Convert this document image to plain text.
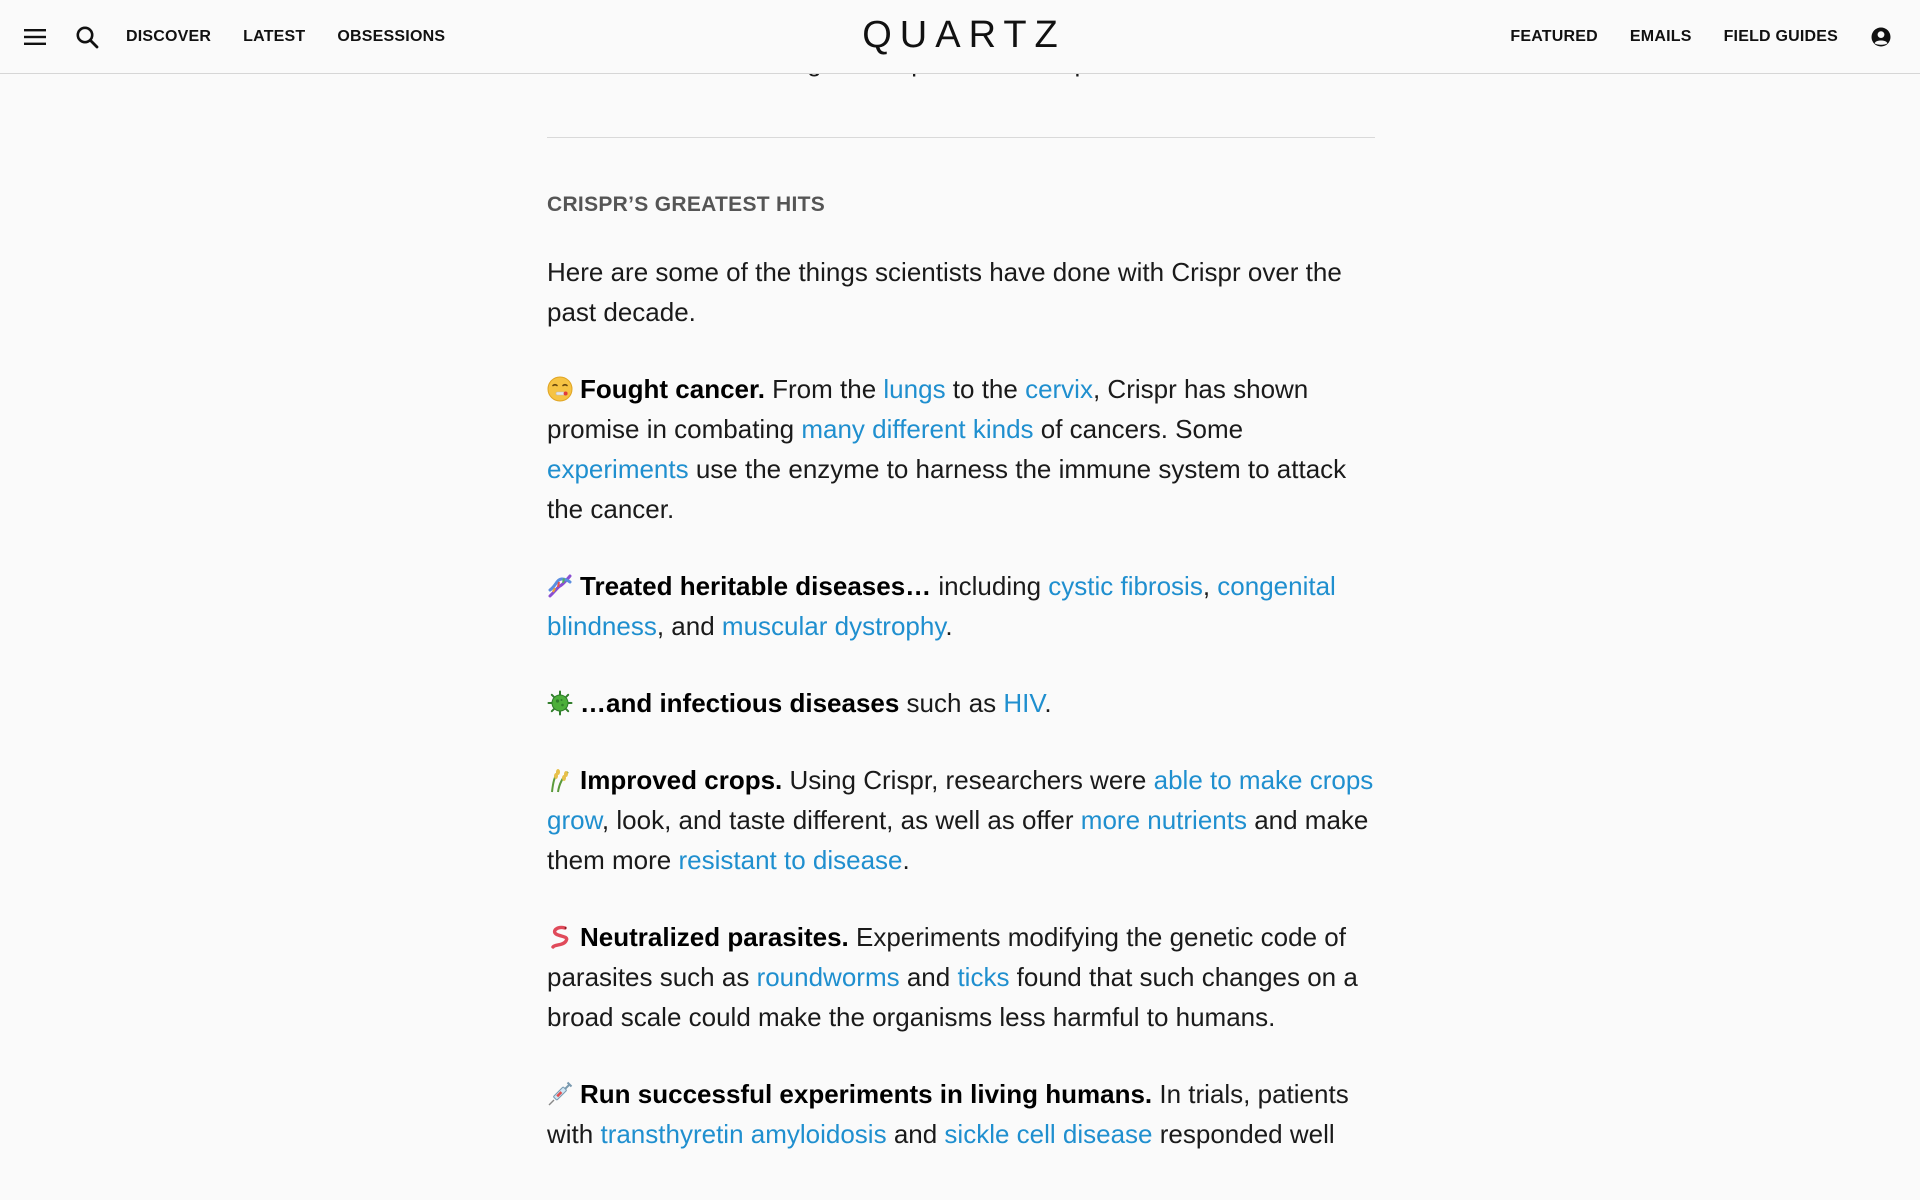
DISCOVER LATEST OBSESSIONS	QUARTZ	FEATURED EMAILS FIELD GUIDES

CRISPR’S GREATEST HITS

Here are some of the things scientists have done with Crispr over the past decade.

Fought cancer. From the lungs to the cervix, Crispr has shown promise in combating many different kinds of cancers. Some experiments use the enzyme to harness the immune system to attack the cancer.

Treated heritable diseases… including cystic fibrosis, congenital blindness, and muscular dystrophy.

…and infectious diseases such as HIV.

Improved crops. Using Crispr, researchers were able to make crops grow, look, and taste different, as well as offer more nutrients and make them more resistant to disease.

Neutralized parasites. Experiments modifying the genetic code of parasites such as roundworms and ticks found that such changes on a broad scale could make the organisms less harmful to humans.

Run successful experiments in living humans. In trials, patients with transthyretin amyloidosis and sickle cell disease responded well
